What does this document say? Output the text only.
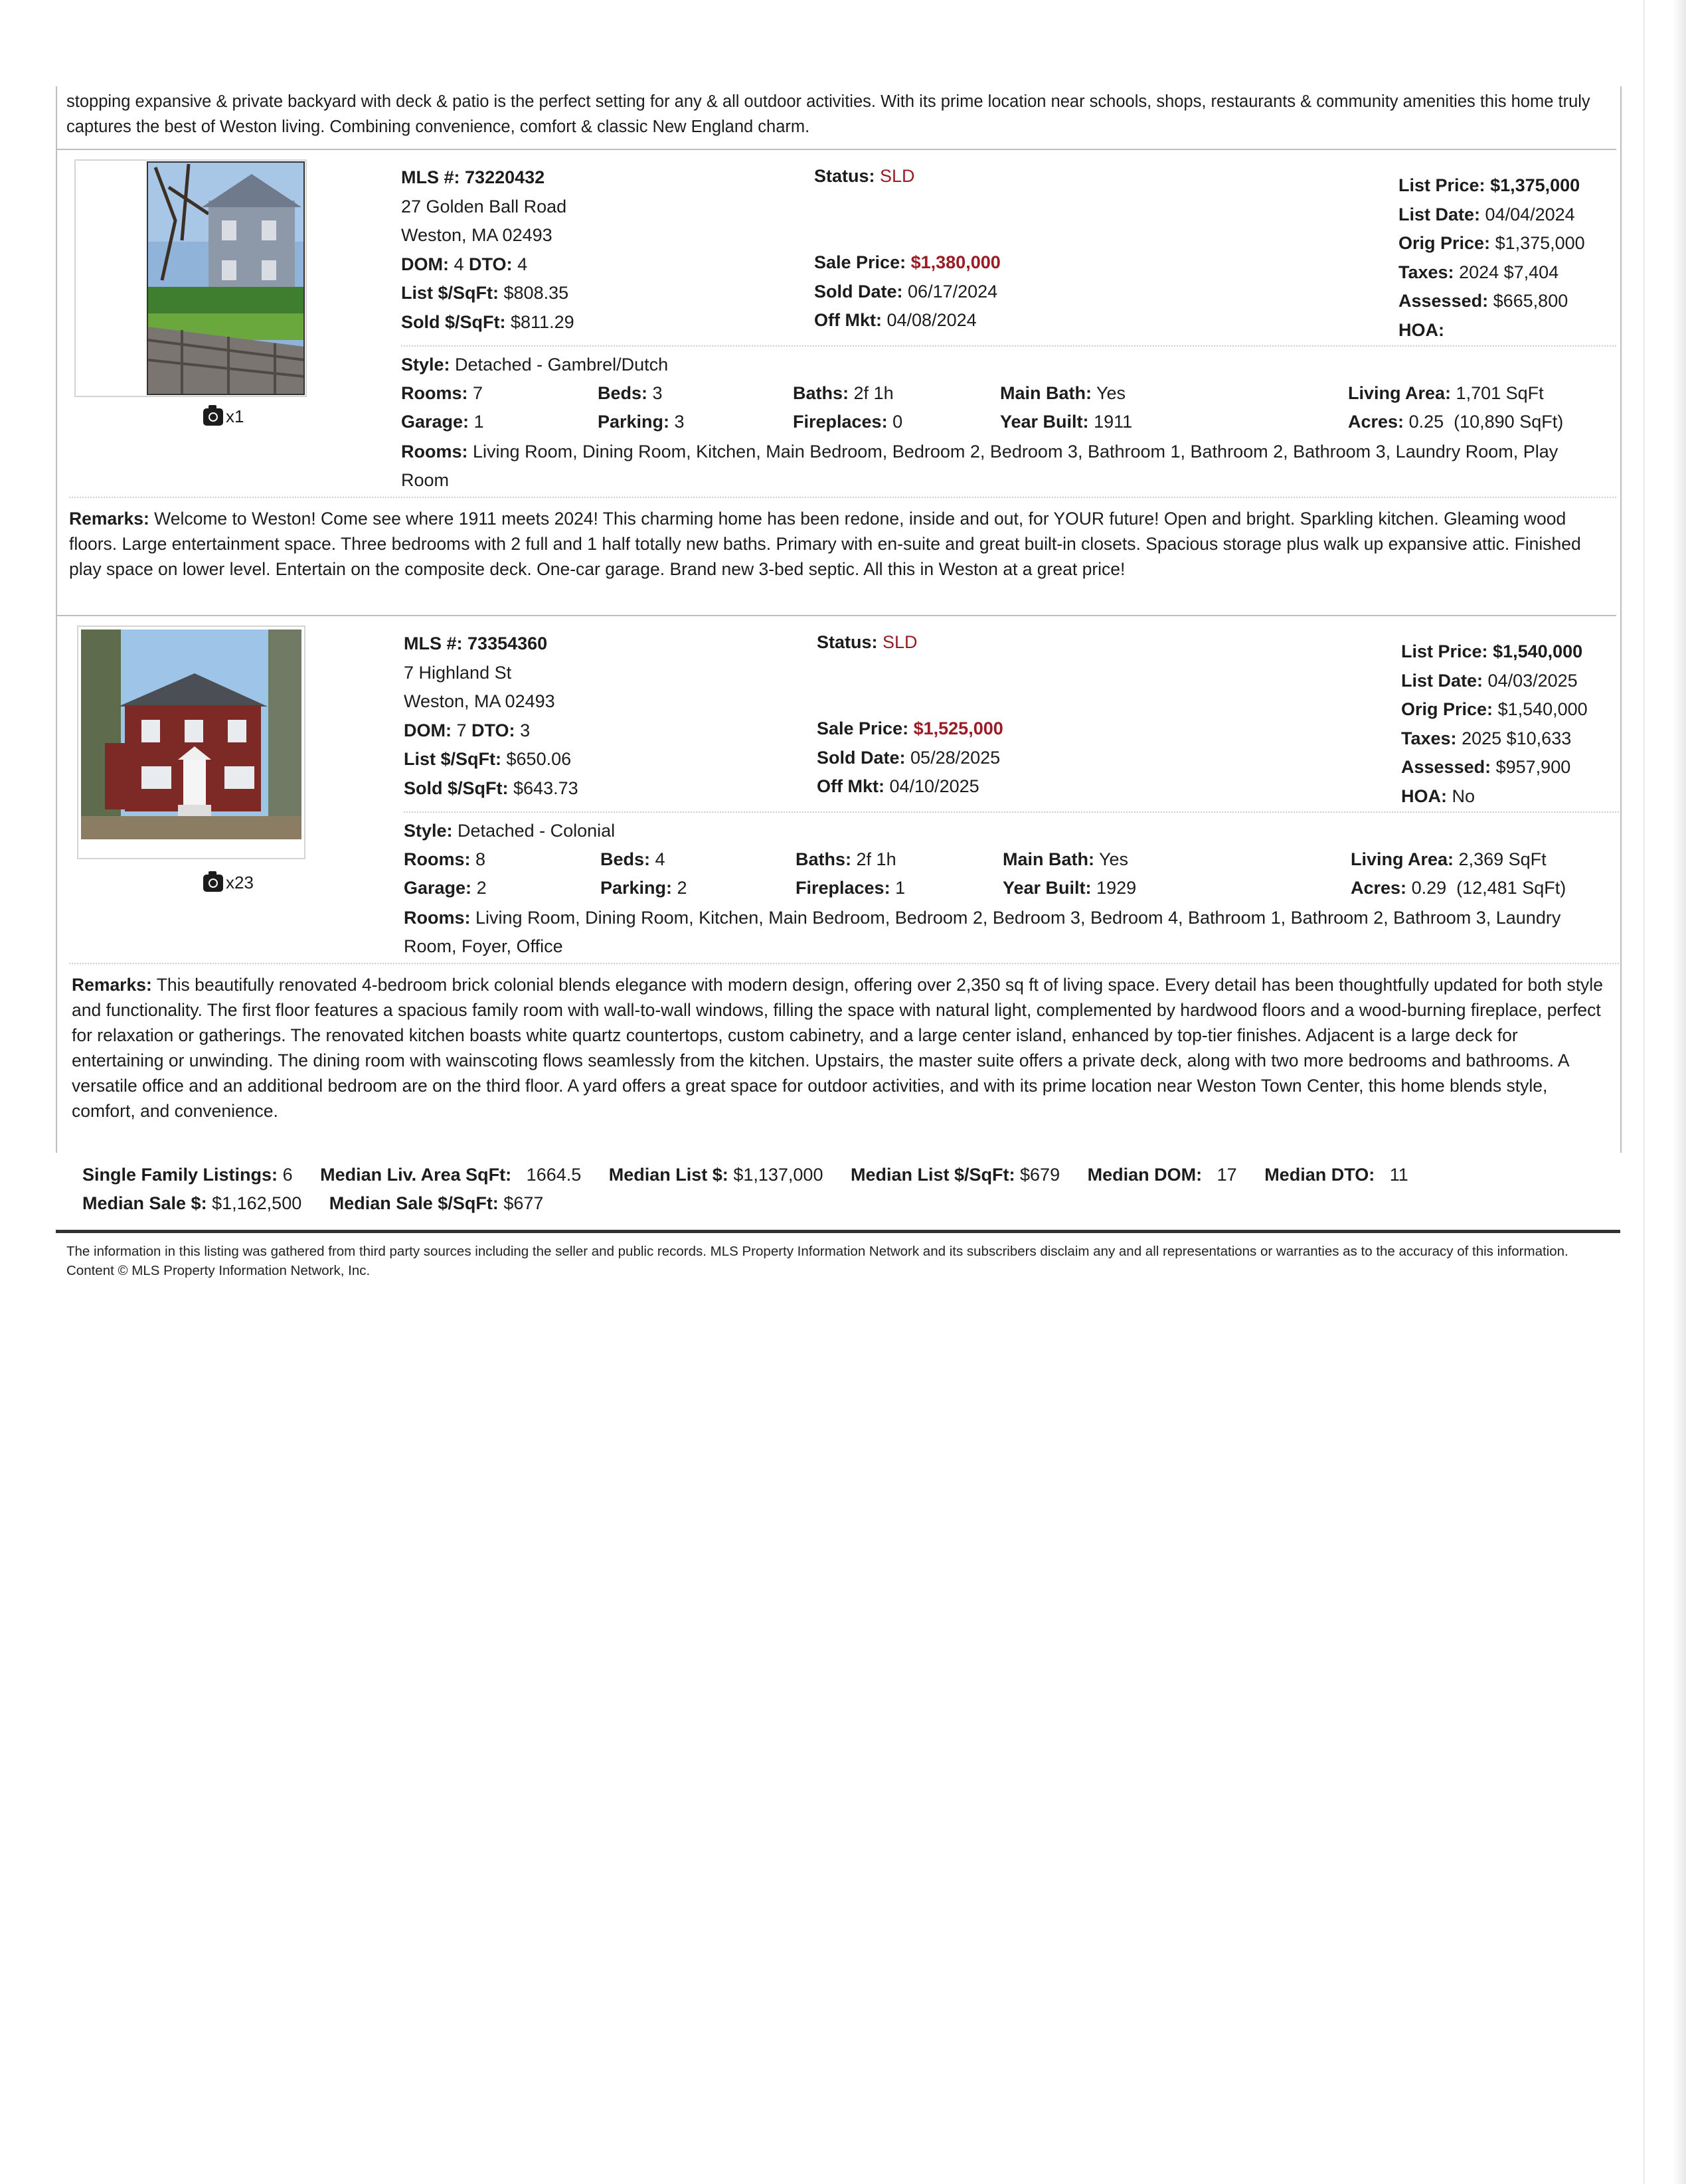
stopping expansive & private backyard with deck & patio is the perfect setting for any & all outdoor activities. With its prime location near schools, shops, restaurants & community amenities this home truly captures the best of Weston living. Combining convenience, comfort & classic New England charm.
x1
MLS #: 73220432
27 Golden Ball Road
Weston, MA 02493
DOM: 4 DTO: 4
List $/SqFt: $808.35
Sold $/SqFt: $811.29
Status: SLD
Sale Price: $1,380,000
Sold Date: 06/17/2024
Off Mkt: 04/08/2024
List Price: $1,375,000
List Date: 04/04/2024
Orig Price: $1,375,000
Taxes: 2024 $7,404
Assessed: $665,800
HOA:
Style: Detached - Gambrel/Dutch
Rooms: 7	Beds: 3	Baths: 2f 1h	Main Bath: Yes	Living Area: 1,701 SqFt
Garage: 1	Parking: 3	Fireplaces: 0	Year Built: 1911	Acres: 0.25  (10,890 SqFt)
Rooms: Living Room, Dining Room, Kitchen, Main Bedroom, Bedroom 2, Bedroom 3, Bathroom 1, Bathroom 2, Bathroom 3, Laundry Room, Play Room
Remarks: Welcome to Weston! Come see where 1911 meets 2024! This charming home has been redone, inside and out, for YOUR future! Open and bright. Sparkling kitchen. Gleaming wood floors. Large entertainment space. Three bedrooms with 2 full and 1 half totally new baths. Primary with en-suite and great built-in closets. Spacious storage plus walk up expansive attic. Finished play space on lower level. Entertain on the composite deck. One-car garage. Brand new 3-bed septic. All this in Weston at a great price!
x23
MLS #: 73354360
7 Highland St
Weston, MA 02493
DOM: 7 DTO: 3
List $/SqFt: $650.06
Sold $/SqFt: $643.73
Status: SLD
Sale Price: $1,525,000
Sold Date: 05/28/2025
Off Mkt: 04/10/2025
List Price: $1,540,000
List Date: 04/03/2025
Orig Price: $1,540,000
Taxes: 2025 $10,633
Assessed: $957,900
HOA: No
Style: Detached - Colonial
Rooms: 8	Beds: 4	Baths: 2f 1h	Main Bath: Yes	Living Area: 2,369 SqFt
Garage: 2	Parking: 2	Fireplaces: 1	Year Built: 1929	Acres: 0.29  (12,481 SqFt)
Rooms: Living Room, Dining Room, Kitchen, Main Bedroom, Bedroom 2, Bedroom 3, Bedroom 4, Bathroom 1, Bathroom 2, Bathroom 3, Laundry Room, Foyer, Office
Remarks: This beautifully renovated 4-bedroom brick colonial blends elegance with modern design, offering over 2,350 sq ft of living space. Every detail has been thoughtfully updated for both style and functionality. The first floor features a spacious family room with wall-to-wall windows, filling the space with natural light, complemented by hardwood floors and a wood-burning fireplace, perfect for relaxation or gatherings. The renovated kitchen boasts white quartz countertops, custom cabinetry, and a large center island, enhanced by top-tier finishes. Adjacent is a large deck for entertaining or unwinding. The dining room with wainscoting flows seamlessly from the kitchen. Upstairs, the master suite offers a private deck, along with two more bedrooms and bathrooms. A versatile office and an additional bedroom are on the third floor. A yard offers a great space for outdoor activities, and with its prime location near Weston Town Center, this home blends style, comfort, and convenience.
Single Family Listings: 6 Median Liv. Area SqFt: 1664.5 Median List $: $1,137,000 Median List $/SqFt: $679 Median DOM: 17 Median DTO: 11
Median Sale $: $1,162,500 Median Sale $/SqFt: $677
The information in this listing was gathered from third party sources including the seller and public records. MLS Property Information Network and its subscribers disclaim any and all representations or warranties as to the accuracy of this information. Content © MLS Property Information Network, Inc.
